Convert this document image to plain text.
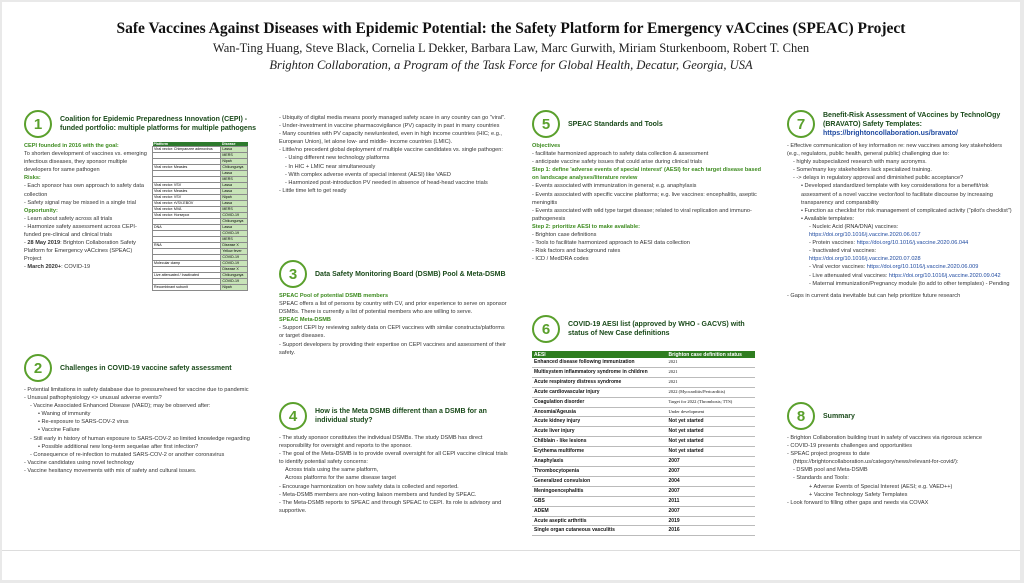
Safe Vaccines Against Diseases with Epidemic Potential: the Safety Platform for Emergency vACcines (SPEAC) Project
Wan-Ting Huang, Steve Black, Cornelia L Dekker, Barbara Law, Marc Gurwith, Miriam Sturkenboom, Robert T. Chen
Brighton Collaboration, a Program of the Task Force for Global Health, Decatur, Georgia, USA
1	Coalition for Epidemic Preparedness Innovation (CEPI) -funded portfolio: multiple platforms for multiple pathogens
CEPI founded in 2016 with the goal:
To shorten development of vaccines vs. emerging infectious diseases, they sponsor multiple developers for same pathogen
Risks:
- Each sponsor has own approach to safety data collection
- Safety signal may be missed in a single trial
Opportunity:
- Learn about safety across all trials
- Harmonize safety assessment across CEPI-funded pre-clinical and clinical trials
- 28 May 2019: Brighton Collaboration Safety Platform for Emergency vACcines (SPEAC) Project
- March 2020+: COVID-19
Platform	Disease
Viral vector: Chimpanzee adenovirus	Lassa
	MERS
	Nipah
Viral vector: Measles	Chikungunya
	Lassa
	MERS
Viral vector: VSV	Lassa
Viral vector: Measles	Lassa
Viral vector: VSV	Nipah
Viral vector: rVSV-EBOV	Lassa
Viral vector: MVA	MERS
Viral vector: Horsepox	COVID-19
	Chikungunya
DNA	Lassa
	COVID-19
	MERS
RNA	Disease X
	Yellow fever
	COVID-19
Molecular clamp	COVID-19
	Disease X
Live attenuated / Inactivated	Chikungunya
	COVID-19
Recombinant subunit	Nipah
2	Challenges in COVID-19 vaccine safety assessment
- Potential limitations in safety database due to pressure/need for vaccine due to pandemic
- Unusual pathophysiology <> unusual adverse events?
- Vaccine Associated Enhanced Disease (VAED); may be observed after:
• Waning of immunity
• Re-exposure to SARS-COV-2 virus
• Vaccine Failure
- Still early in history of human exposure to SARS-COV-2 so limited knowledge regarding
• Possible additional new long-term sequelae after first infection?
- Consequence of re-infection to mutated SARS-COV-2 or another coronavirus
- Vaccine candidates using novel technology
- Vaccine hesitancy movements with mix of safety and cultural issues.
- Ubiquity of digital media means poorly managed safety scare in any country can go "viral".
- Under-investment in vaccine pharmacovigilance (PV) capacity in past in many countries
- Many countries with PV capacity new/untested, even in high income countries (HIC; e.g., European Union), let alone low- and middle- income countries (LMIC).
- Little/no precedent global deployment of multiple vaccine candidates vs. single pathogen:
- Using different new technology platforms
- In HIC + LMIC near simultaneously
- With complex adverse events of special interest (AESI) like VAED
- Harmonized post-introduction PV needed in absence of head-head vaccine trials
- Little time left to get ready
3	Data Safety Monitoring Board (DSMB) Pool & Meta-DSMB
SPEAC Pool of potential DSMB members
SPEAC offers a list of persons by country with CV, and prior experience to serve on sponsor DSMBs. There is currently a list of potential members who are willing to serve.
SPEAC Meta-DSMB
- Support CEPI by reviewing safety data on CEPI vaccines with similar constructs/platforms or target diseases.
- Support developers by providing their expertise on CEPI vaccines and assessment of their safety.
4	How is the Meta DSMB different than a DSMB for an individual study?
- The study sponsor constitutes the individual DSMBs. The study DSMB has direct responsibility for oversight and reports to the sponsor.
- The goal of the Meta-DSMB is to provide overall oversight for all CEPI vaccine clinical trials to identify potential safety concerns:
Across trials using the same platform,
Across platforms for the same disease target
- Encourage harmonization on how safety data is collected and reported.
- Meta-DSMB members are non-voting liaison members and funded by SPEAC.
- The Meta-DSMB reports to SPEAC and through SPEAC to CEPI. Its role is advisory and supportive.
5	SPEAC Standards and Tools
Objectives
- facilitate harmonized approach to safety data collection & assessment
- anticipate vaccine safety issues that could arise during clinical trials
Step 1: define 'adverse events of special interest' (AESI) for each target disease based on landscape analyses/literature review
- Events associated with immunization in general; e.g. anaphylaxis
- Events associated with specific vaccine platforms; e.g. live vaccines: encephalitis, aseptic meningitis
- Events associated with wild type target disease; related to viral replication and immuno-pathogenesis
Step 2: prioritize AESI to make available:
- Brighton case definitions
- Tools to facilitate harmonized approach to AESI data collection
- Risk factors and background rates
- ICD / MedDRA codes
6	COVID-19 AESI list (approved by WHO - GACVS) with status of New Case definitions
AESI	Brighton case definition status
Enhanced disease following immunization	2021
Multisystem inflammatory syndrome in children	2021
Acute respiratory distress syndrome	2021
Acute cardiovascular injury	2022 (Myocarditis/Pericarditis)
Coagulation disorder	Target for 2022 (Thrombosis; TTS)
Anosmia/Ageusia	Under development
Acute kidney injury	Not yet started
Acute liver injury	Not yet started
Chilblain - like lesions	Not yet started
Erythema multiforme	Not yet started
Anaphylaxis	2007
Thrombocytopenia	2007
Generalized convulsion	2004
Meningoencephalitis	2007
GBS	2011
ADEM	2007
Acute aseptic arthritis	2019
Single organ cutaneous vasculitis	2016
7
Benefit-Risk Assessment of VAccines by TechnolOgy (BRAVATO) Safety Templates:
https://brightoncollaboration.us/bravato/
- Effective communication of key information re: new vaccines among key stakeholders (e.g., regulators, public health, general public) challenging due to:
- highly subspecialized research with many acronyms.
- Some/many key stakeholders lack specialized training.
- -> delays in regulatory approval and diminished public acceptance?
• Developed standardized template with key considerations for a benefit/risk assessment of a novel vaccine vector/tool to facilitate discourse by increasing transparency and comparability
• Function as checklist for risk management of complicated activity ("pilot's checklist")
• Available templates:
- Nucleic Acid (RNA/DNA) vaccines:
https://doi.org/10.1016/j.vaccine.2020.06.017
- Protein vaccines: https://doi.org/10.1016/j.vaccine.2020.06.044
- Inactivated viral vaccines:
https://doi.org/10.1016/j.vaccine.2020.07.028
- Viral vector vaccines: https://doi.org/10.1016/j.vaccine.2020.06.009
- Live attenuated viral vaccines: https://doi.org/10.1016/j.vaccine.2020.09.042
- Maternal immunization/Pregnancy module (to add to other templates) - Pending
- Gaps in current data inevitable but can help prioritize future research
8	Summary
- Brighton Collaboration building trust in safety of vaccines via rigorous science
- COVID-19 presents challenges and opportunities
- SPEAC project progress to date
(https://brightoncollaboration.us/category/news/relevant-for-covid/):
- DSMB pool and Meta-DSMB
- Standards and Tools:
+ Adverse Events of Special Interest (AESI; e.g. VAED++)
+ Vaccine Technology Safety Templates
- Look forward to filling other gaps and needs via COVAX
